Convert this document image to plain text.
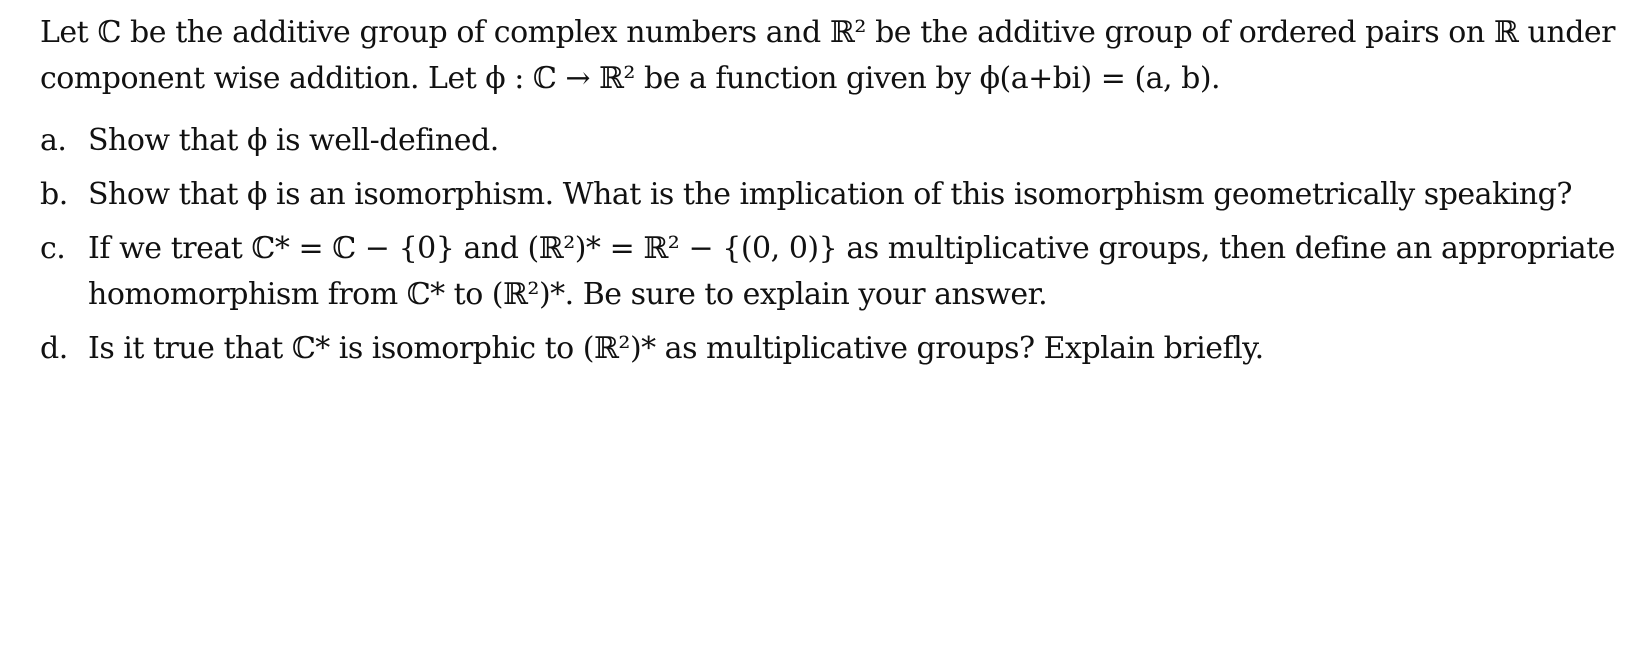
Let ℂ be the additive group of complex numbers and ℝ² be the additive group of ordered pairs on ℝ under component wise addition. Let ϕ : ℂ → ℝ² be a function given by ϕ(a+bi) = (a, b).

a. Show that ϕ is well-defined.
b. Show that ϕ is an isomorphism. What is the implication of this isomorphism geometrically speaking?
c. If we treat ℂ* = ℂ − {0} and (ℝ²)* = ℝ² − {(0, 0)} as multiplicative groups, then define an appropriate homomorphism from ℂ* to (ℝ²)*. Be sure to explain your answer.
d. Is it true that ℂ* is isomorphic to (ℝ²)* as multiplicative groups? Explain briefly.
